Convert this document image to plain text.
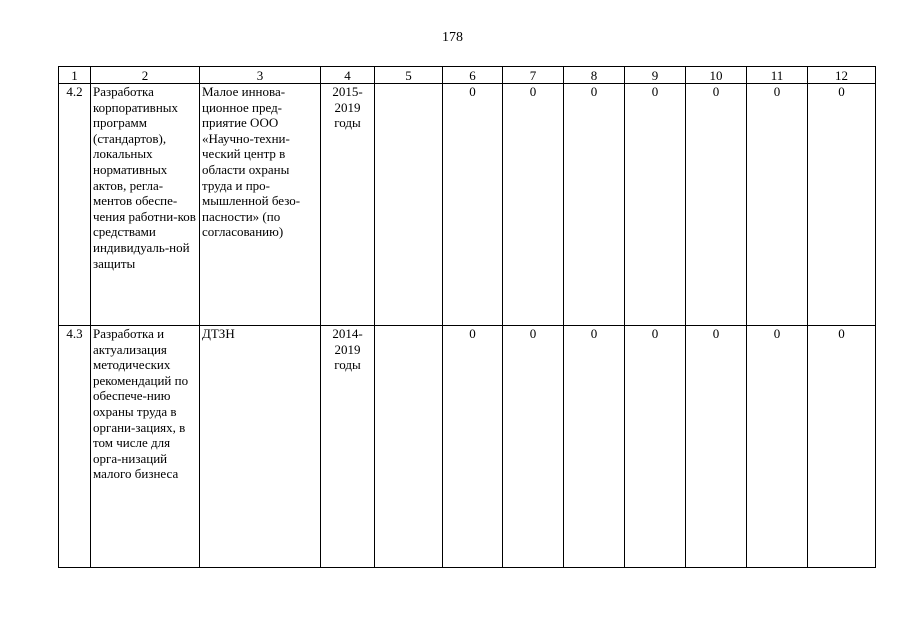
178
1	2	3	4	5	6	7	8	9	10	11	12
4.2	Разработка корпоративных программ (стандартов), локальных нормативных актов, регла-ментов обеспе-чения работни-ков средствами индивидуаль-ной защиты	Малое иннова-ционное пред-приятие ООО «Научно-техни-ческий центр в области охраны труда и про-мышленной безо-пасности» (по согласованию)	2015-2019 годы		0	0	0	0	0	0	0
4.3	Разработка и актуализация методических рекомендаций по обеспече-нию охраны труда в органи-зациях, в том числе для орга-низаций малого бизнеса	ДТЗН	2014-2019 годы		0	0	0	0	0	0	0
